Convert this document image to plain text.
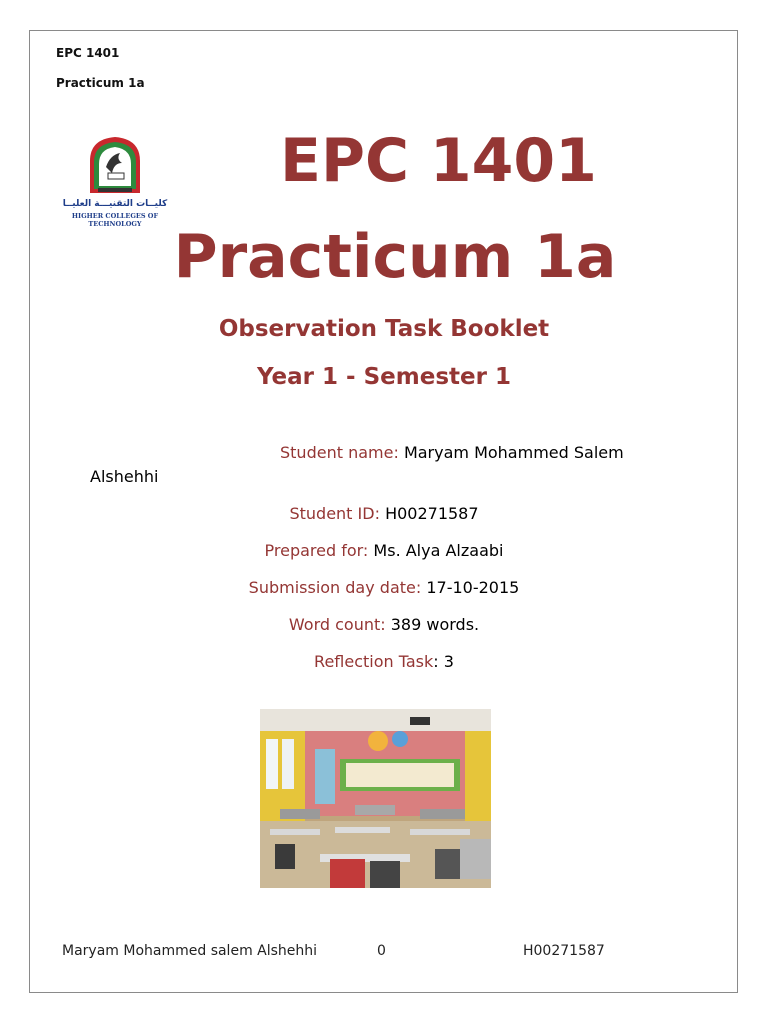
EPC 1401
Practicum 1a
كليــات التقنيـــة العليــا
HIGHER COLLEGES OF TECHNOLOGY
EPC 1401
Practicum 1a
Observation Task Booklet
Year 1 - Semester 1
Student name: Maryam Mohammed Salem
Alshehhi
Student ID: H00271587
Prepared for: Ms. Alya Alzaabi
Submission day date: 17-10-2015
Word count: 389 words.
Reflection Task: 3
Maryam Mohammed salem Alshehhi	0	H00271587
